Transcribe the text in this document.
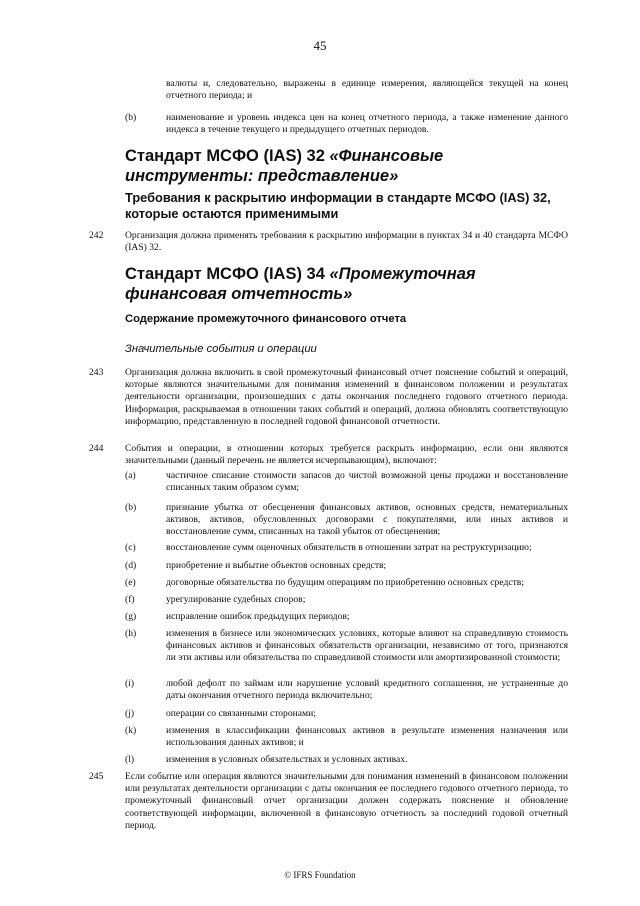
45
валюты и, следовательно, выражены в единице измерения, являющейся текущей на конец отчетного периода; и
(b)	наименование и уровень индекса цен на конец отчетного периода, а также изменение данного индекса в течение текущего и предыдущего отчетных периодов.
Стандарт МСФО (IAS) 32 «Финансовые инструменты: представление»
Требования к раскрытию информации в стандарте МСФО (IAS) 32, которые остаются применимыми
242 Организация должна применять требования к раскрытию информации в пунктах 34 и 40 стандарта МСФО (IAS) 32.
Стандарт МСФО (IAS) 34 «Промежуточная финансовая отчетность»
Содержание промежуточного финансового отчета
Значительные события и операции
243 Организация должна включить в свой промежуточный финансовый отчет пояснение событий и операций, которые являются значительными для понимания изменений в финансовом положении и результатах деятельности организации, произошедших с даты окончания последнего годового отчетного периода. Информация, раскрываемая в отношении таких событий и операций, должна обновлять соответствующую информацию, представленную в последней годовой финансовой отчетности.
244 События и операции, в отношении которых требуется раскрыть информацию, если они являются значительными (данный перечень не является исчерпывающим), включают:
(a)	частичное списание стоимости запасов до чистой возможной цены продажи и восстановление списанных таким образом сумм;
(b)	признание убытка от обесценения финансовых активов, основных средств, нематериальных активов, активов, обусловленных договорами с покупателями, или иных активов и восстановление сумм, списанных на такой убыток от обесценения;
(c)	восстановление сумм оценочных обязательств в отношении затрат на реструктуризацию;
(d)	приобретение и выбытие объектов основных средств;
(e)	договорные обязательства по будущим операциям по приобретению основных средств;
(f)	урегулирование судебных споров;
(g)	исправление ошибок предыдущих периодов;
(h)	изменения в бизнесе или экономических условиях, которые влияют на справедливую стоимость финансовых активов и финансовых обязательств организации, независимо от того, признаются ли эти активы или обязательства по справедливой стоимости или амортизированной стоимости;
(i)	любой дефолт по займам или нарушение условий кредитного соглашения, не устраненные до даты окончания отчетного периода включительно;
(j)	операции со связанными сторонами;
(k)	изменения в классификации финансовых активов в результате изменения назначения или использования данных активов; и
(l)	изменения в условных обязательствах и условных активах.
245 Если событие или операция являются значительными для понимания изменений в финансовом положении или результатах деятельности организации с даты окончания ее последнего годового отчетного периода, то промежуточный финансовый отчет организации должен содержать пояснение и обновление соответствующей информации, включенной в финансовую отчетность за последний годовой отчетный период.
© IFRS Foundation
